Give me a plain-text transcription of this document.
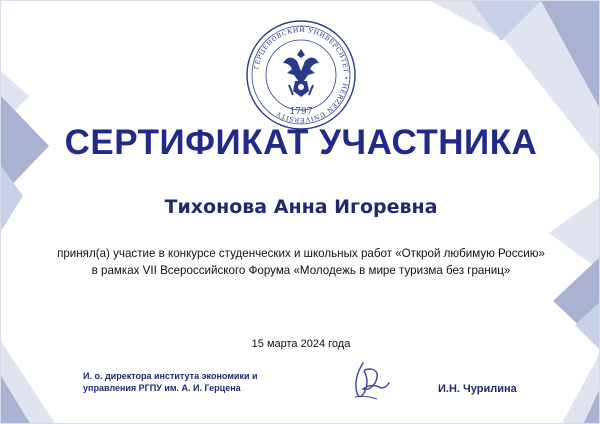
ГЕРЦЕНОВСКИЙ УНИВЕРСИТЕТ • HERZEN UNIVERSITY 1797
СЕРТИФИКАТ УЧАСТНИКА
Тихонова Анна Игоревна
принял(а) участие в конкурсе студенческих и школьных работ «Открой любимую Россию»
в рамках VII Всероссийского Форума «Молодежь в мире туризма без границ»
15 марта 2024 года
И. о. директора института экономики и
управления РГПУ им. А. И. Герцена	И.Н. Чурилина
